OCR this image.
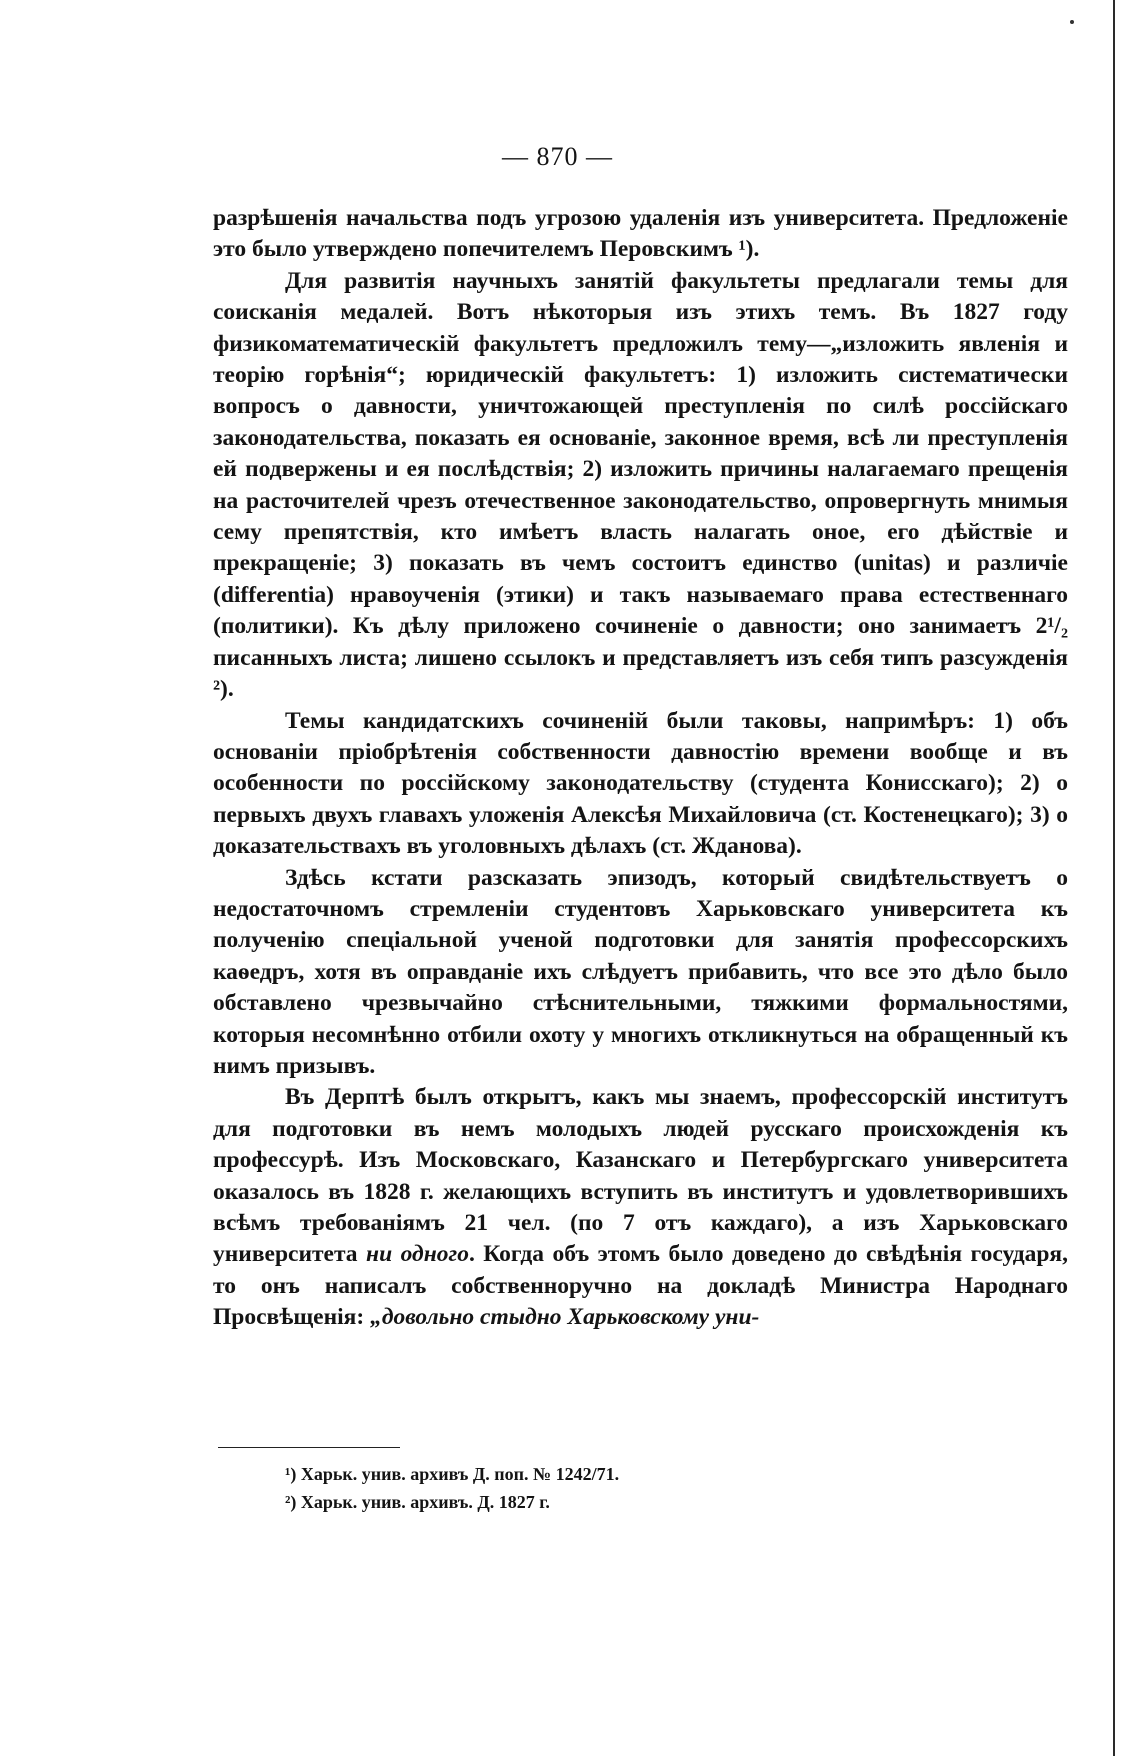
— 870 —

разрѣшенія начальства подъ угрозою удаленія изъ университета. Предложеніе это было утверждено попечителемъ Перовскимъ ¹).

Для развитія научныхъ занятій факультеты предлагали темы для соисканія медалей. Вотъ нѣкоторыя изъ этихъ темъ. Въ 1827 году физикоматематическій факультетъ предложилъ тему—„изложить явленія и теорію горѣнія“; юридическій факультетъ: 1) изложить систематически вопросъ о давности, уничтожающей преступленія по силѣ россійскаго законодательства, показать ея основаніе, законное время, всѣ ли преступленія ей подвержены и ея послѣдствія; 2) изложить причины налагаемаго прещенія на расточителей чрезъ отечественное законодательство, опровергнуть мнимыя сему препятствія, кто имѣетъ власть налагать оное, его дѣйствіе и прекращеніе; 3) показать въ чемъ состоитъ единство (unitas) и различіе (differentia) нравоученія (этики) и такъ называемаго права естественнаго (политики). Къ дѣлу приложено сочиненіе о давности; оно занимаетъ 2¹/₂ писанныхъ листа; лишено ссылокъ и представляетъ изъ себя типъ разсужденія ²).

Темы кандидатскихъ сочиненій были таковы, напримѣръ: 1) объ основаніи пріобрѣтенія собственности давностію времени вообще и въ особенности по россійскому законодательству (студента Конисскаго); 2) о первыхъ двухъ главахъ уложенія Алексѣя Михайловича (ст. Костенецкаго); 3) о доказательствахъ въ уголовныхъ дѣлахъ (ст. Жданова).

Здѣсь кстати разсказать эпизодъ, который свидѣтельствуетъ о недостаточномъ стремленіи студентовъ Харьковскаго университета къ полученію спеціальной ученой подготовки для занятія профессорскихъ каѳедръ, хотя въ оправданіе ихъ слѣдуетъ прибавить, что все это дѣло было обставлено чрезвычайно стѣснительными, тяжкими формальностями, которыя несомнѣнно отбили охоту у многихъ откликнуться на обращенный къ нимъ призывъ.

Въ Дерптѣ былъ открытъ, какъ мы знаемъ, профессорскій институтъ для подготовки въ немъ молодыхъ людей русскаго происхожденія къ профессурѣ. Изъ Московскаго, Казанскаго и Петербургскаго университета оказалось въ 1828 г. желающихъ вступить въ институтъ и удовлетворившихъ всѣмъ требованіямъ 21 чел. (по 7 отъ каждаго), а изъ Харьковскаго университета ни одного. Когда объ этомъ было доведено до свѣдѣнія государя, то онъ написалъ собственноручно на докладѣ Министра Народнаго Просвѣщенія: „довольно стыдно Харьковскому уни-

¹) Харьк. унив. архивъ Д. поп. № 1242/71.
²) Харьк. унив. архивъ. Д. 1827 г.
